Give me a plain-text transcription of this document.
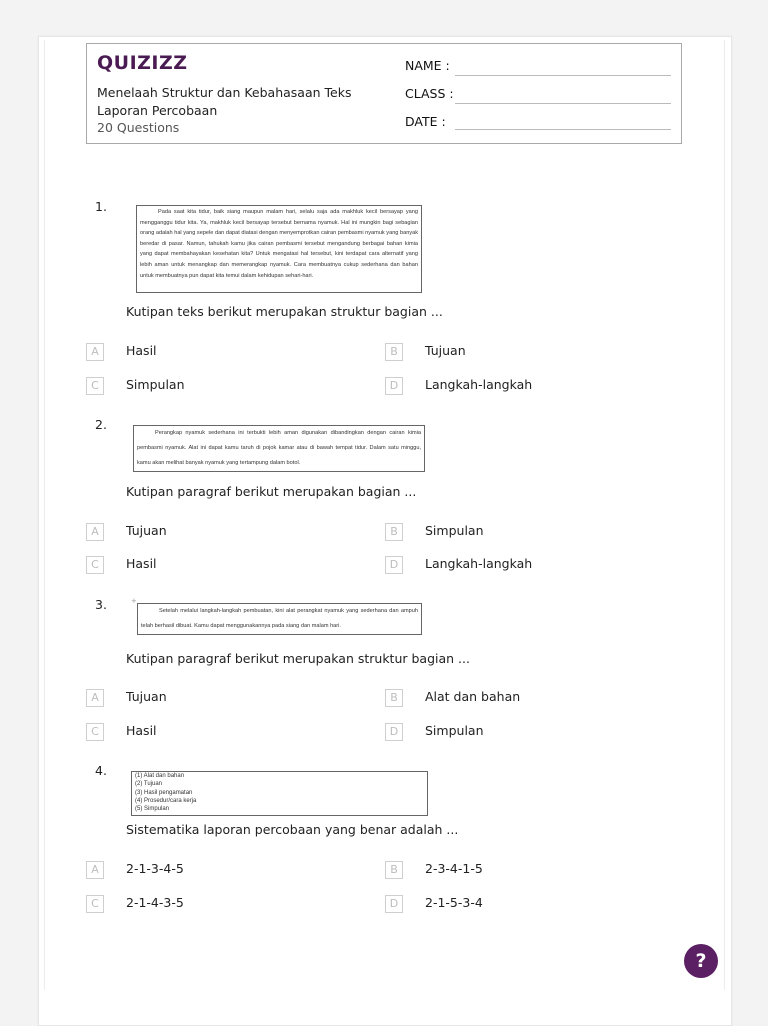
QUIZIZZ
Menelaah Struktur dan Kebahasaan Teks Laporan Percobaan
20 Questions
NAME :
CLASS :
DATE :
1.	Pada saat kita tidur, baik siang maupun malam hari, selalu saja ada makhluk kecil bersayap yang mengganggu tidur kita. Ya, makhluk kecil bersayap tersebut bernama nyamuk. Hal ini mungkin bagi sebagian orang adalah hal yang sepele dan dapat diatasi dengan menyemprotkan cairan pembasmi nyamuk yang banyak beredar di pasar. Namun, tahukah kamu jika cairan pembasmi tersebut mengandung berbagai bahan kimia yang dapat membahayakan kesehatan kita? Untuk mengatasi hal tersebut, kini terdapat cara alternatif yang lebih aman untuk menangkap dan memerangkap nyamuk. Cara membuatnya cukup sederhana dan bahan untuk membuatnya pun dapat kita temui dalam kehidupan sehari-hari.

Kutipan teks berikut merupakan struktur bagian ...
A	Hasil	B	Tujuan
C	Simpulan	D	Langkah-langkah
2.

Perangkap nyamuk sederhana ini terbukti lebih aman digunakan dibandingkan dengan cairan kimia pembasmi nyamuk. Alat ini dapat kamu taruh di pojok kamar atau di bawah tempat tidur. Dalam satu minggu, kamu akan melihat banyak nyamuk yang tertampung dalam botol.

Kutipan paragraf berikut merupakan bagian ...
A	Tujuan	B	Simpulan
C	Hasil	D	Langkah-langkah
3.	+

Setelah melalui langkah-langkah pembuatan, kini alat perangkat nyamuk yang sederhana dan ampuh telah berhasil dibuat. Kamu dapat menggunakannya pada siang dan malam hari.

Kutipan paragraf berikut merupakan struktur bagian ...
A	Tujuan	B	Alat dan bahan
C	Hasil	D	Simpulan
4.	(1) Alat dan bahan
(2) Tujuan
(3) Hasil pengamatan
(4) Prosedur/cara kerja
(5) Simpulan
Sistematika laporan percobaan yang benar adalah ...
A	2-1-3-4-5	B	2-3-4-1-5
C	2-1-4-3-5	D	2-1-5-3-4
?
